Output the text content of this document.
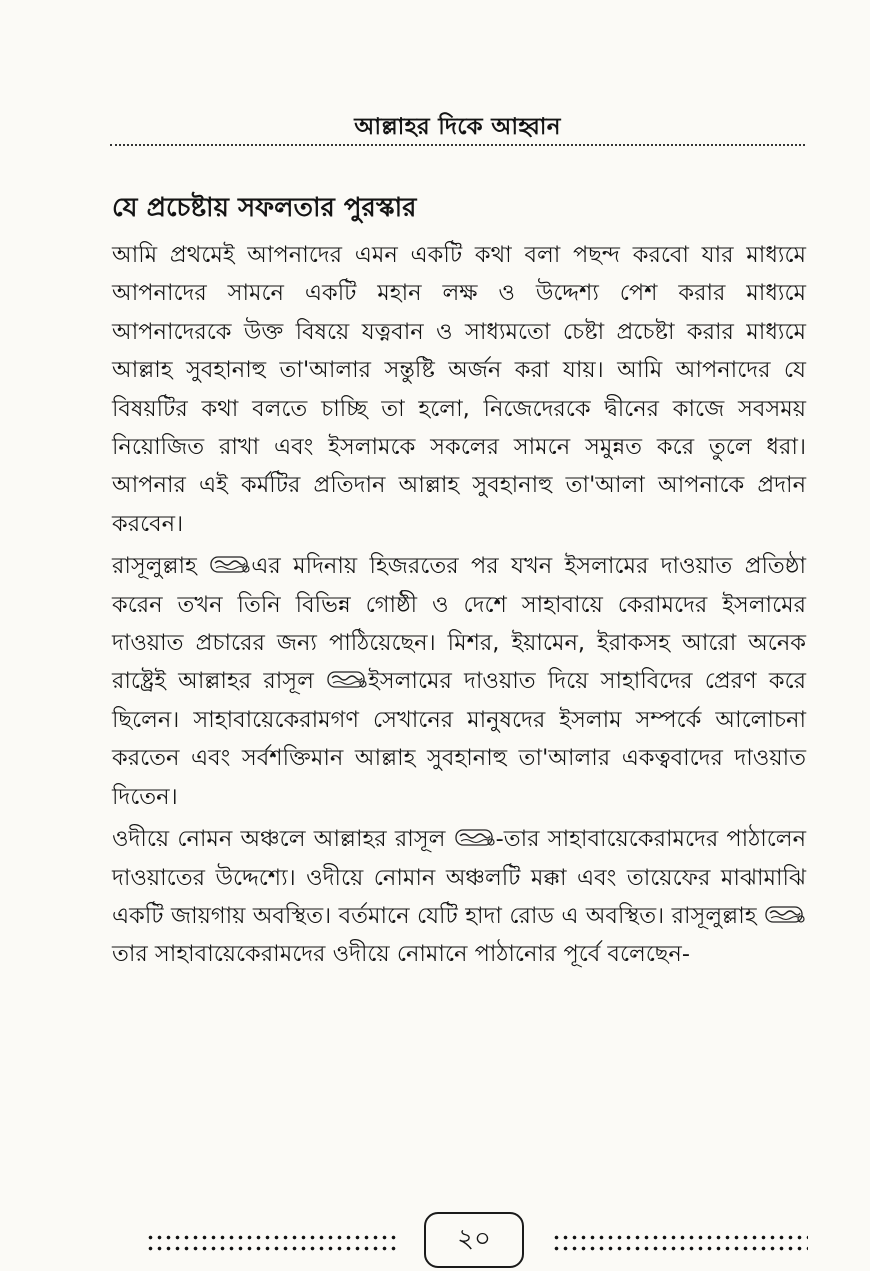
আল্লাহর দিকে আহ্বান
যে প্রচেষ্টায় সফলতার পুরস্কার

আমি প্রথমেই আপনাদের এমন একটি কথা বলা পছন্দ করবো যার মাধ্যমে আপনাদের সামনে একটি মহান লক্ষ ও উদ্দেশ্য পেশ করার মাধ্যমে আপনাদেরকে উক্ত বিষয়ে যত্নবান ও সাধ্যমতো চেষ্টা প্রচেষ্টা করার মাধ্যমে আল্লাহ সুবহানাহু তা'আলার সন্তুষ্টি অর্জন করা যায়। আমি আপনাদের যে বিষয়টির কথা বলতে চাচ্ছি তা হলো, নিজেদেরকে দ্বীনের কাজে সবসময় নিয়োজিত রাখা এবং ইসলামকে সকলের সামনে সমুন্নত করে তুলে ধরা। আপনার এই কর্মটির প্রতিদান আল্লাহ সুবহানাহু তা'আলা আপনাকে প্রদান করবেন।

রাসূলুল্লাহ এর মদিনায় হিজরতের পর যখন ইসলামের দাওয়াত প্রতিষ্ঠা করেন তখন তিনি বিভিন্ন গোষ্ঠী ও দেশে সাহাবায়ে কেরামদের ইসলামের দাওয়াত প্রচারের জন্য পাঠিয়েছেন। মিশর, ইয়ামেন, ইরাকসহ আরো অনেক রাষ্ট্রেই আল্লাহর রাসূল ইসলামের দাওয়াত দিয়ে সাহাবিদের প্রেরণ করে ছিলেন। সাহাবায়েকেরামগণ সেখানের মানুষদের ইসলাম সম্পর্কে আলোচনা করতেন এবং সর্বশক্তিমান আল্লাহ সুবহানাহু তা'আলার একত্ববাদের দাওয়াত দিতেন।

ওদীয়ে নোমন অঞ্চলে আল্লাহর রাসূল -তার সাহাবায়েকেরামদের পাঠালেন দাওয়াতের উদ্দেশ্যে। ওদীয়ে নোমান অঞ্চলটি মক্কা এবং তায়েফের মাঝামাঝি একটি জায়গায় অবস্থিত। বর্তমানে যেটি হাদা রোড এ অবস্থিত। রাসূলুল্লাহ তার সাহাবায়েকেরামদের ওদীয়ে নোমানে পাঠানোর পূর্বে বলেছেন-

২০
